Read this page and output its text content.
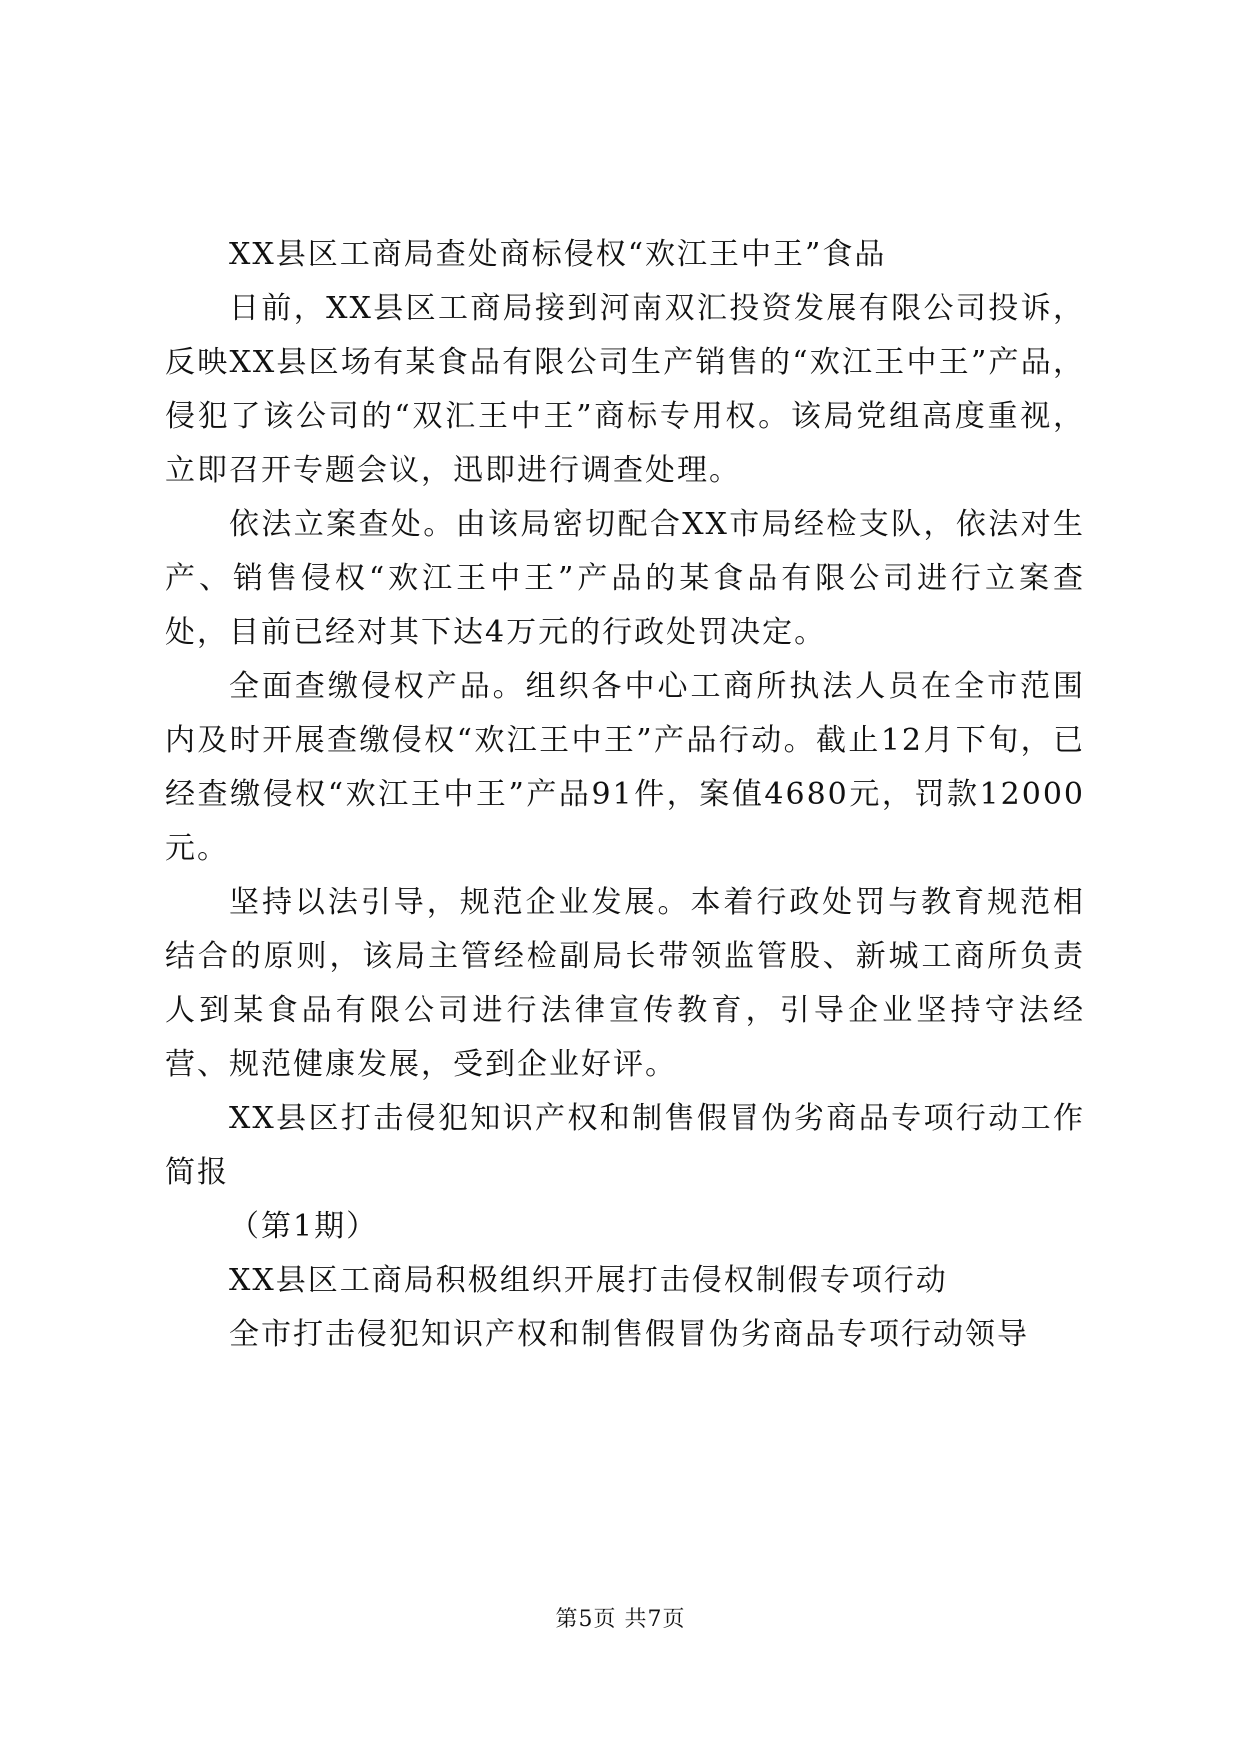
XX县区工商局查处商标侵权“欢江王中王”食品

日前，XX县区工商局接到河南双汇投资发展有限公司投诉，反映XX县区场有某食品有限公司生产销售的“欢江王中王”产品，侵犯了该公司的“双汇王中王”商标专用权。该局党组高度重视，立即召开专题会议，迅即进行调查处理。

依法立案查处。由该局密切配合XX市局经检支队，依法对生产、销售侵权“欢江王中王”产品的某食品有限公司进行立案查处，目前已经对其下达4万元的行政处罚决定。

全面查缴侵权产品。组织各中心工商所执法人员在全市范围内及时开展查缴侵权“欢江王中王”产品行动。截止12月下旬，已经查缴侵权“欢江王中王”产品91件，案值4680元，罚款12000元。

坚持以法引导，规范企业发展。本着行政处罚与教育规范相结合的原则，该局主管经检副局长带领监管股、新城工商所负责人到某食品有限公司进行法律宣传教育，引导企业坚持守法经营、规范健康发展，受到企业好评。

XX县区打击侵犯知识产权和制售假冒伪劣商品专项行动工作简报

（第1期）

XX县区工商局积极组织开展打击侵权制假专项行动

全市打击侵犯知识产权和制售假冒伪劣商品专项行动领导

第5页 共7页
